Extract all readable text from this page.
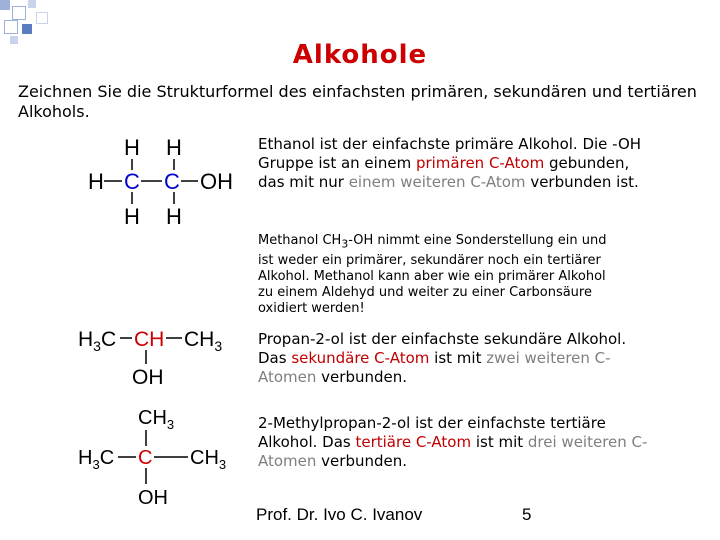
Alkohole
Zeichnen Sie die Strukturformel des einfachsten primären, sekundären und tertiären Alkohols.
H H
H C C OH
H H
Ethanol ist der einfachste primäre Alkohol. Die -OH Gruppe ist an einem primären C-Atom gebunden, das mit nur einem weiteren C-Atom verbunden ist.
Methanol $CH_3-OH$ nimmt eine Sonderstellung ein und ist weder ein primärer, sekundärer noch ein tertiärer Alkohol. Methanol kann aber wie ein primärer Alkohol zu einem Aldehyd und weiter zu einer Carbonsäure oxidiert werden!
$H_3C$ CH $CH_3$
OH
Propan-2-ol ist der einfachste sekundäre Alkohol. Das sekundäre C-Atom ist mit zwei weiteren C-Atomen verbunden.
$CH_3$
$H_3C$ C $CH_3$
OH
2-Methylpropan-2-ol ist der einfachste tertiäre Alkohol. Das tertiäre C-Atom ist mit drei weiteren C-Atomen verbunden.
Prof. Dr. Ivo C. Ivanov	5
